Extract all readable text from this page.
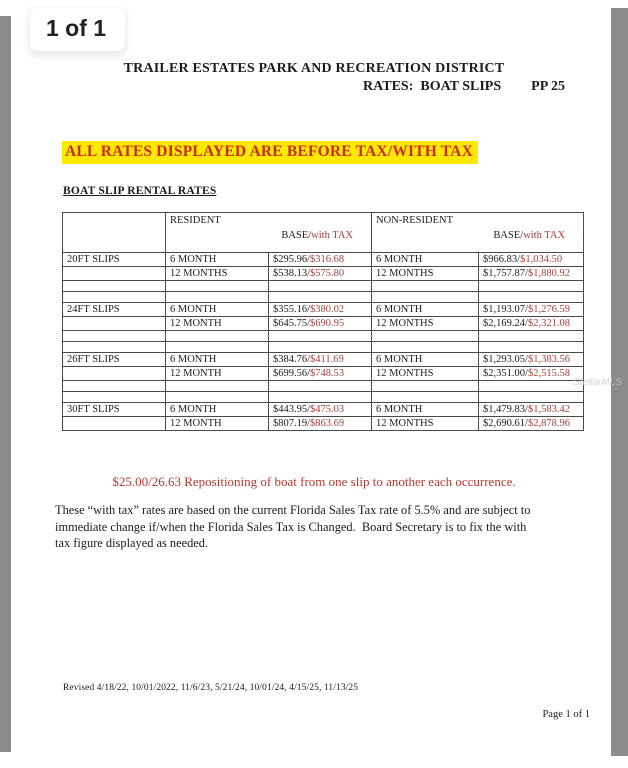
1 of 1
TRAILER ESTATES PARK AND RECREATION DISTRICT
RATES:  BOAT SLIPS PP 25
ALL RATES DISPLAYED ARE BEFORE TAX/WITH TAX
BOAT SLIP RENTAL RATES

RESIDENT
BASE/with TAX

NON-RESIDENT
BASE/with TAX

20FT SLIPS	6 MONTH	$295.96/$316.68	6 MONTH	$966.83/$1,034.50
	12 MONTHS	$538.13/$575.80	12 MONTHS	$1,757.87/$1,880.92

24FT SLIPS	6 MONTH	$355.16/$380.02	6 MONTH	$1,193.07/$1,276.59
	12 MONTH	$645.75/$690.95	12 MONTHS	$2,169.24/$2,321.08

26FT SLIPS	6 MONTH	$384.76/$411.69	6 MONTH	$1,293.05/$1,383.56
	12 MONTH	$699.56/$748.53	12 MONTHS	$2,351.00/$2,515.58

30FT SLIPS	6 MONTH	$443.95/$475.03	6 MONTH	$1,479.83/$1,583.42
	12 MONTH	$807.19/$863.69	12 MONTHS	$2,690.61/$2,878.96
$25.00/26.63 Repositioning of boat from one slip to another each occurrence.
These “with tax” rates are based on the current Florida Sales Tax rate of 5.5% and are subject to
immediate change if/when the Florida Sales Tax is Changed.  Board Secretary is to fix the with
tax figure displayed as needed.
Revised 4/18/22, 10/01/2022, 11/6/23, 5/21/24, 10/01/24, 4/15/25, 11/13/25
Page 1 of 1
StellarMLS
